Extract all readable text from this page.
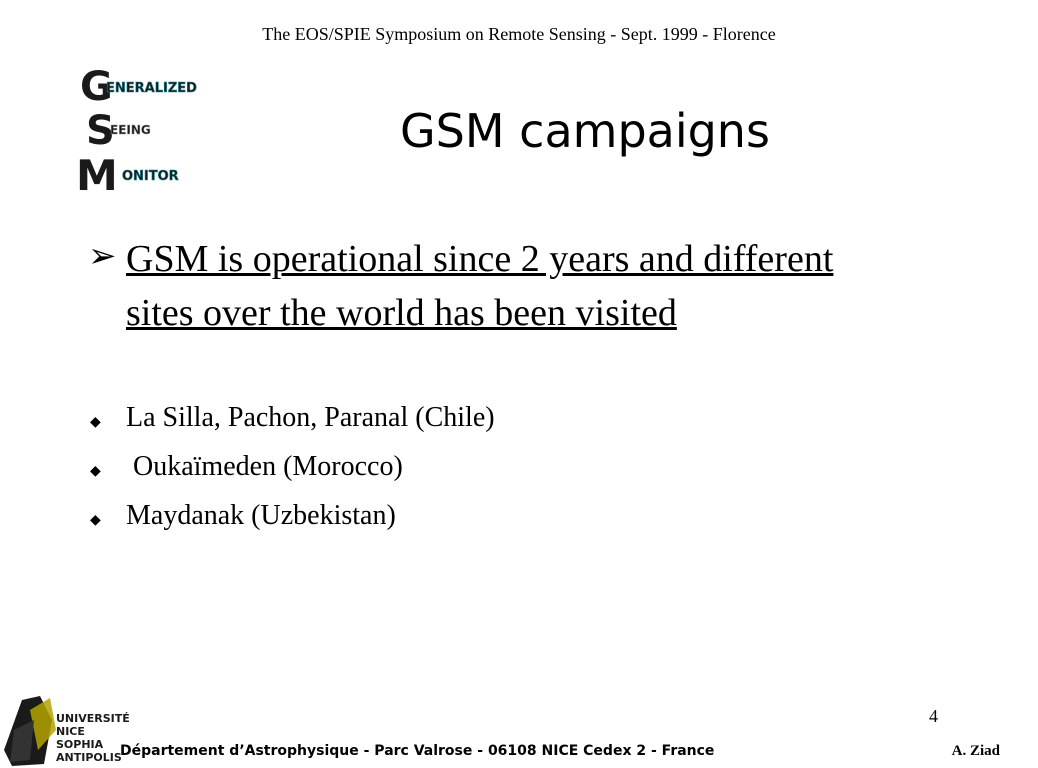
The EOS/SPIE Symposium on Remote Sensing - Sept. 1999 - Florence
G
ENERALIZED
S
EEING
M ONITOR
GSM campaigns
➢ GSM is operational since 2 years and different sites over the world has been visited
◆ La Silla, Pachon, Paranal (Chile)
◆ Oukaïmeden (Morocco)
◆ Maydanak (Uzbekistan)
4
UNIVERSITÉ
NICE
SOPHIA
ANTIPOLIS
Département d’Astrophysique - Parc Valrose - 06108 NICE Cedex 2 - France	A. Ziad
